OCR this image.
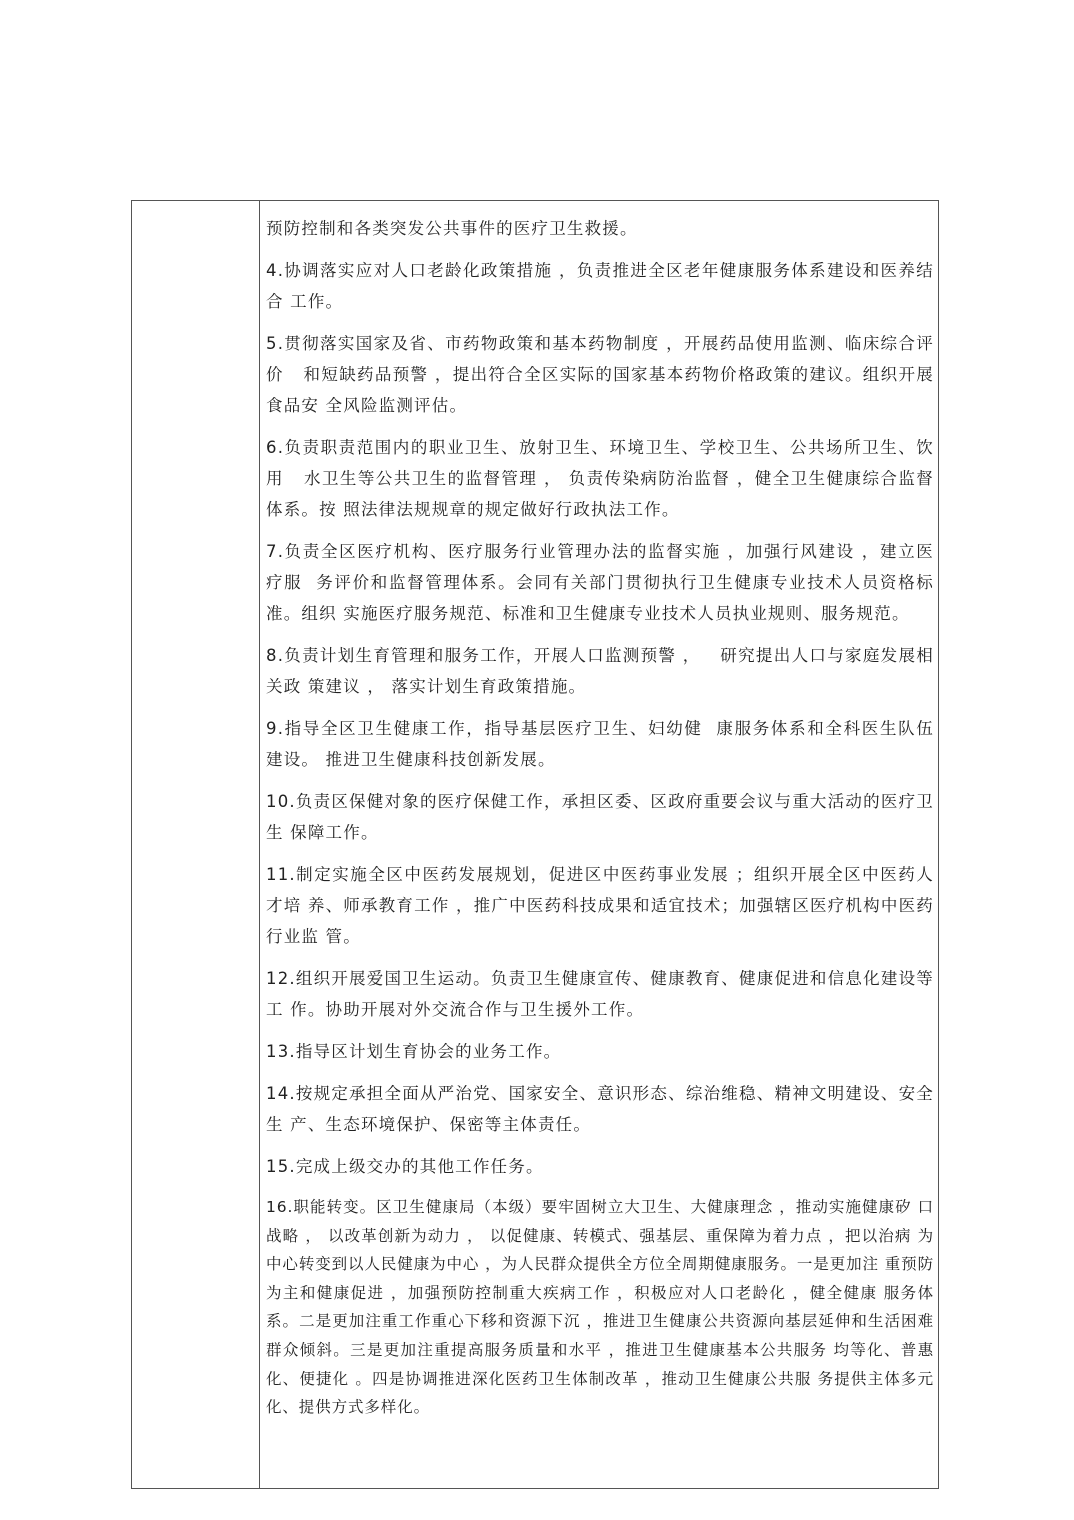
预防控制和各类突发公共事件的医疗卫生救援。

4.协调落实应对人口老龄化政策措施 ，负责推进全区老年健康服务体系建设和医养结合 工作。

5.贯彻落实国家及省、市药物政策和基本药物制度 ，开展药品使用监测、临床综合评价   和短缺药品预警 ，提出符合全区实际的国家基本药物价格政策的建议。组织开展食品安 全风险监测评估。

6.负责职责范围内的职业卫生、放射卫生、环境卫生、学校卫生、公共场所卫生、饮用   水卫生等公共卫生的监督管理 ， 负责传染病防治监督 ，健全卫生健康综合监督体系。按 照法律法规规章的规定做好行政执法工作。

7.负责全区医疗机构、医疗服务行业管理办法的监督实施 ，加强行风建设 ，建立医疗服  务评价和监督管理体系。会同有关部门贯彻执行卫生健康专业技术人员资格标准。组织 实施医疗服务规范、标准和卫生健康专业技术人员执业规则、服务规范。

8.负责计划生育管理和服务工作，开展人口监测预警 ，   研究提出人口与家庭发展相关政 策建议 ， 落实计划生育政策措施。

9.指导全区卫生健康工作，指导基层医疗卫生、妇幼健  康服务体系和全科医生队伍建设。 推进卫生健康科技创新发展。

10.负责区保健对象的医疗保健工作，承担区委、区政府重要会议与重大活动的医疗卫生 保障工作。

11.制定实施全区中医药发展规划，促进区中医药事业发展 ；组织开展全区中医药人才培 养、师承教育工作 ，推广中医药科技成果和适宜技术；加强辖区医疗机构中医药行业监 管。

12.组织开展爱国卫生运动。负责卫生健康宣传、健康教育、健康促进和信息化建设等工 作。协助开展对外交流合作与卫生援外工作。

13.指导区计划生育协会的业务工作。

14.按规定承担全面从严治党、国家安全、意识形态、综治维稳、精神文明建设、安全生 产、生态环境保护、保密等主体责任。

15.完成上级交办的其他工作任务。

16.职能转变。区卫生健康局（本级）要牢固树立大卫生、大健康理念 ，推动实施健康矽 口战略 ， 以改革创新为动力 ， 以促健康、转模式、强基层、重保障为着力点 ，把以治病 为中心转变到以人民健康为中心 ，为人民群众提供全方位全周期健康服务。一是更加注 重预防为主和健康促进 ，加强预防控制重大疾病工作 ，积极应对人口老龄化 ，健全健康 服务体系。二是更加注重工作重心下移和资源下沉 ，推进卫生健康公共资源向基层延伸和生活困难群众倾斜。三是更加注重提高服务质量和水平 ，推进卫生健康基本公共服务 均等化、普惠化、便捷化 。四是协调推进深化医药卫生体制改革 ，推动卫生健康公共服 务提供主体多元化、提供方式多样化。
